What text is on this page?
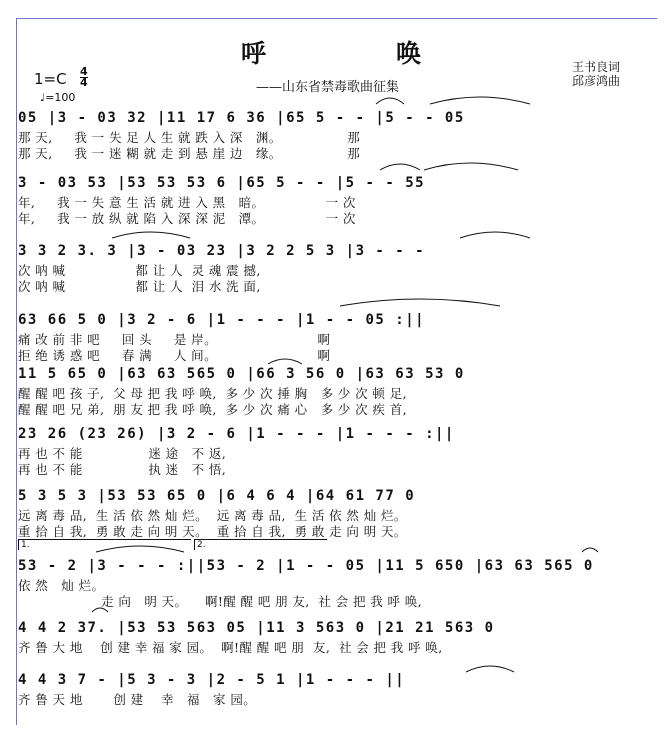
呼	唤
——山东省禁毒歌曲征集
王书良词
邱彦鸿曲
1=C 4
4
♩=100
05 |3 - 03 32 |11 17 6 36 |65 5 - - |5 - - 05
那 天,     我 一 失 足 人 生 就 跌 入 深   渊。               那
那 天,     我 一 迷 糊 就 走 到 悬 崖 边   缘。               那
3 - 03 53 |53 53 53 6 |65 5 - - |5 - - 55
年,     我 一 失 意 生 活 就 进 入 黑   暗。              一 次
年,     我 一 放 纵 就 陷 入 深 深 泥   潭。              一 次
3 3 2 3. 3 |3 - 03 23 |3 2 2 5 3 |3 - - -
次 呐 喊                都 让 人  灵 魂 震 撼,
次 呐 喊                都 让 人  泪 水 洗 面,
63 66 5 0 |3 2 - 6 |1 - - - |1 - - 05 :||
痛 改 前 非 吧     回 头     是 岸。                       啊
拒 绝 诱 惑 吧     春 满     人 间。                       啊
11 5 65 0 |63 63 565 0 |66 3 56 0 |63 63 53 0
醒 醒 吧 孩 子,  父 母 把 我 呼 唤,  多 少 次 捶 胸   多 少 次 顿 足,
醒 醒 吧 兄 弟,  朋 友 把 我 呼 唤,  多 少 次 痛 心   多 少 次 疾 首,
23 26 (23 26) |3 2 - 6 |1 - - - |1 - - - :||
再 也 不 能               迷 途   不 返,
再 也 不 能               执 迷   不 悟,
5 3 5 3 |53 53 65 0 |6 4 6 4 |64 61 77 0
远 离 毒 品,  生 活 依 然 灿 烂。  远 离 毒 品,  生 活 依 然 灿 烂。
重 拾 自 我,  勇 敢 走 向 明 天。  重 拾 自 我,  勇 敢 走 向 明 天。
1.	2.
53 - 2 |3 - - - :||53 - 2 |1 - - 05 |11 5 650 |63 63 565 0
依 然   灿 烂。
走 向   明 天。    啊!醒 醒 吧 朋 友,  社 会 把 我 呼 唤,
4 4 2 37. |53 53 563 05 |11 3 563 0 |21 21 563 0
齐 鲁 大 地    创 建 幸 福 家 园。  啊!醒 醒 吧 朋  友,  社 会 把 我 呼 唤,
4 4 3 7 - |5 3 - 3 |2 - 5 1 |1 - - - ||
齐 鲁 天 地       创 建    幸   福   家 园。
